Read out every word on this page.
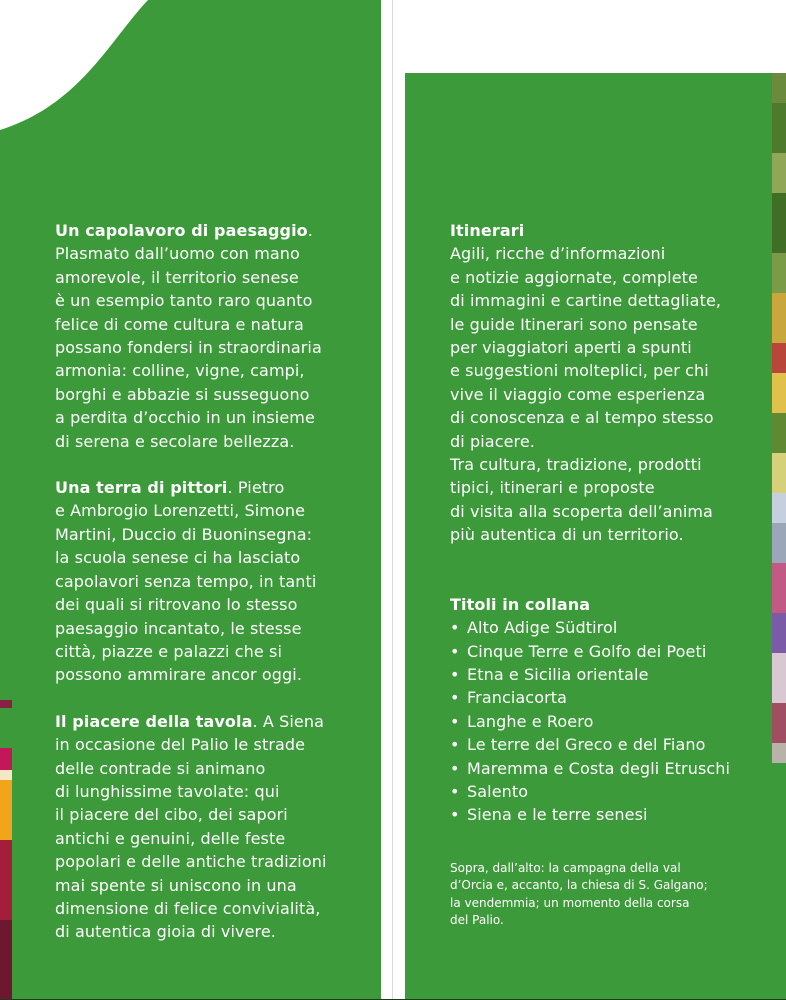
Un capolavoro di paesaggio.

Plasmato dall’uomo con mano

amorevole, il territorio senese

è un esempio tanto raro quanto

felice di come cultura e natura

possano fondersi in straordinaria

armonia: colline, vigne, campi,

borghi e abbazie si susseguono

a perdita d’occhio in un insieme

di serena e secolare bellezza.

Una terra di pittori. Pietro

e Ambrogio Lorenzetti, Simone

Martini, Duccio di Buoninsegna:

la scuola senese ci ha lasciato

capolavori senza tempo, in tanti

dei quali si ritrovano lo stesso

paesaggio incantato, le stesse

città, piazze e palazzi che si

possono ammirare ancor oggi.

Il piacere della tavola. A Siena

in occasione del Palio le strade

delle contrade si animano

di lunghissime tavolate: qui

il piacere del cibo, dei sapori

antichi e genuini, delle feste

popolari e delle antiche tradizioni

mai spente si uniscono in una

dimensione di felice convivialità,

di autentica gioia di vivere.

Itinerari

Agili, ricche d’informazioni

e notizie aggiornate, complete

di immagini e cartine dettagliate,

le guide Itinerari sono pensate

per viaggiatori aperti a spunti

e suggestioni molteplici, per chi

vive il viaggio come esperienza

di conoscenza e al tempo stesso

di piacere.

Tra cultura, tradizione, prodotti

tipici, itinerari e proposte

di visita alla scoperta dell’anima

più autentica di un territorio.

Titoli in collana

• Alto Adige Südtirol
• Cinque Terre e Golfo dei Poeti
• Etna e Sicilia orientale
• Franciacorta
• Langhe e Roero
• Le terre del Greco e del Fiano
• Maremma e Costa degli Etruschi
• Salento
• Siena e le terre senesi
Sopra, dall’alto: la campagna della val
d’Orcia e, accanto, la chiesa di S. Galgano;
la vendemmia; un momento della corsa
del Palio.
